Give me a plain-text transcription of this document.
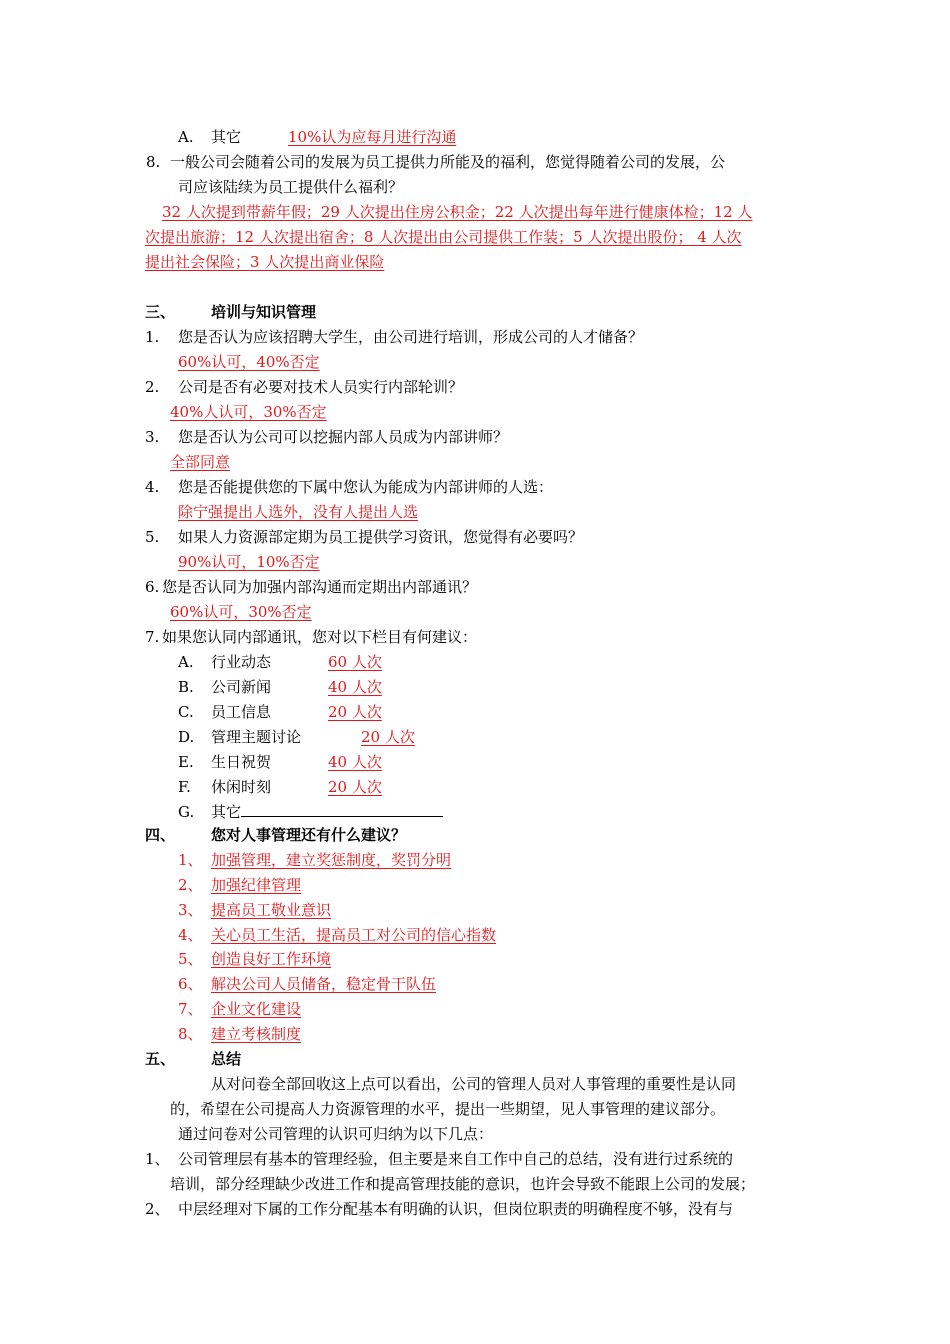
A. 其它	10%认为应每月进行沟通
8. 一般公司会随着公司的发展为员工提供力所能及的福利，您觉得随着公司的发展，公
司应该陆续为员工提供什么福利？
32 人次提到带薪年假；29 人次提出住房公积金；22 人次提出每年进行健康体检；12 人
次提出旅游；12 人次提出宿舍；8 人次提出由公司提供工作装；5 人次提出股份； 4 人次
提出社会保险；3 人次提出商业保险
三、 培训与知识管理
1. 您是否认为应该招聘大学生，由公司进行培训，形成公司的人才储备？
60%认可，40%否定
2. 公司是否有必要对技术人员实行内部轮训？
40%人认可，30%否定
3. 您是否认为公司可以挖掘内部人员成为内部讲师？
全部同意
4. 您是否能提供您的下属中您认为能成为内部讲师的人选：
除宁强提出人选外，没有人提出人选
5. 如果人力资源部定期为员工提供学习资讯，您觉得有必要吗？
90%认可，10%否定
6. 您是否认同为加强内部沟通而定期出内部通讯？
60%认可，30%否定
7. 如果您认同内部通讯，您对以下栏目有何建议：
A. 行业动态	60 人次
B. 公司新闻	40 人次
C. 员工信息	20 人次
D. 管理主题讨论	20 人次
E. 生日祝贺	40 人次
F. 休闲时刻	20 人次
G. 其它
四、 您对人事管理还有什么建议？
1、 加强管理，建立奖惩制度，奖罚分明
2、 加强纪律管理
3、 提高员工敬业意识
4、 关心员工生活，提高员工对公司的信心指数
5、 创造良好工作环境
6、 解决公司人员储备，稳定骨干队伍
7、 企业文化建设
8、 建立考核制度
五、 总结
从对问卷全部回收这上点可以看出，公司的管理人员对人事管理的重要性是认同
的，希望在公司提高人力资源管理的水平，提出一些期望，见人事管理的建议部分。
通过问卷对公司管理的认识可归纳为以下几点：
1、 公司管理层有基本的管理经验，但主要是来自工作中自己的总结，没有进行过系统的
培训，部分经理缺少改进工作和提高管理技能的意识，也许会导致不能跟上公司的发展；
2、 中层经理对下属的工作分配基本有明确的认识，但岗位职责的明确程度不够，没有与
